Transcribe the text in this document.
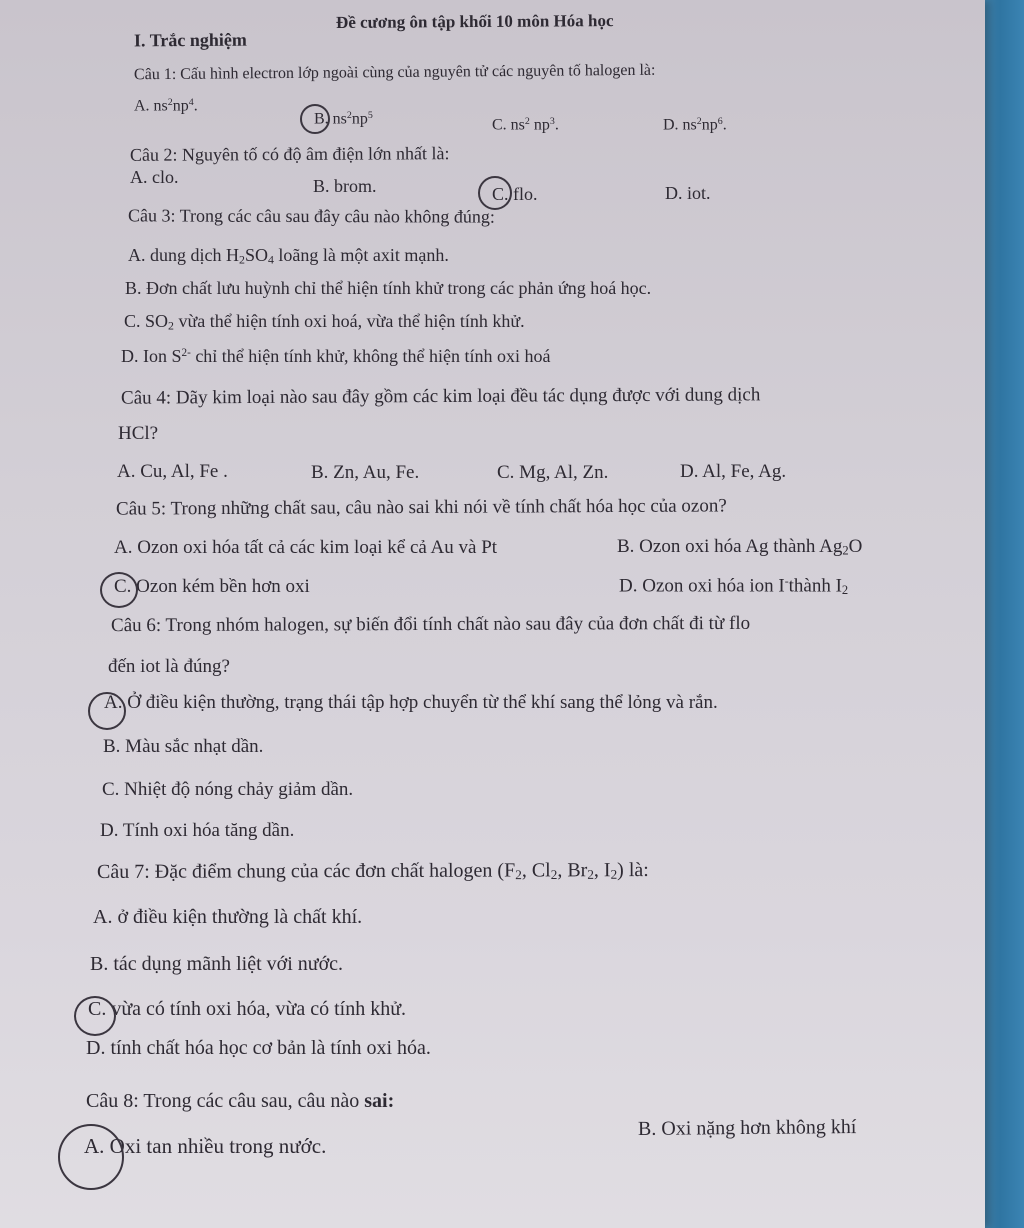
Đề cương ôn tập khối 10 môn Hóa học
I. Trắc nghiệm
Câu 1: Cấu hình electron lớp ngoài cùng của nguyên tử các nguyên tố halogen là:
A. $ns^2np^4$.
B. $ns^2np^5$
C. $ns^2$ $np^3$.	D. $ns^2np^6$.
Câu 2: Nguyên tố có độ âm điện lớn nhất là:
A. clo.	B. brom.	C. flo.	D. iot.
Câu 3: Trong các câu sau đây câu nào không đúng:
A. dung dịch $H_2SO_4$ loãng là một axit mạnh.
B. Đơn chất lưu huỳnh chỉ thể hiện tính khử trong các phản ứng hoá học.
C. $SO_2$ vừa thể hiện tính oxi hoá, vừa thể hiện tính khử.
D. Ion $S^{2-}$ chỉ thể hiện tính khử, không thể hiện tính oxi hoá
Câu 4: Dãy kim loại nào sau đây gồm các kim loại đều tác dụng được với dung dịch
HCl?
A. Cu, Al, Fe .	B. Zn, Au, Fe.	C. Mg, Al, Zn.	D. Al, Fe, Ag.
Câu 5: Trong những chất sau, câu nào sai khi nói về tính chất hóa học của ozon?
A. Ozon oxi hóa tất cả các kim loại kể cả Au và Pt	B. Ozon oxi hóa Ag thành $Ag_2O$
C. Ozon kém bền hơn oxi	D. Ozon oxi hóa ion I-thành $I_2$
Câu 6: Trong nhóm halogen, sự biến đổi tính chất nào sau đây của đơn chất đi từ flo
đến iot là đúng?
A. Ở điều kiện thường, trạng thái tập hợp chuyển từ thể khí sang thể lỏng và rắn.
B. Màu sắc nhạt dần.
C. Nhiệt độ nóng chảy giảm dần.
D. Tính oxi hóa tăng dần.
Câu 7: Đặc điểm chung của các đơn chất halogen ($F_2$, $Cl_2$, $Br_2$, $I_2$) là:
A. ở điều kiện thường là chất khí.
B. tác dụng mãnh liệt với nước.
C. vừa có tính oxi hóa, vừa có tính khử.
D. tính chất hóa học cơ bản là tính oxi hóa.
Câu 8: Trong các câu sau, câu nào sai:
A. Oxi tan nhiều trong nước.
B. Oxi nặng hơn không khí
